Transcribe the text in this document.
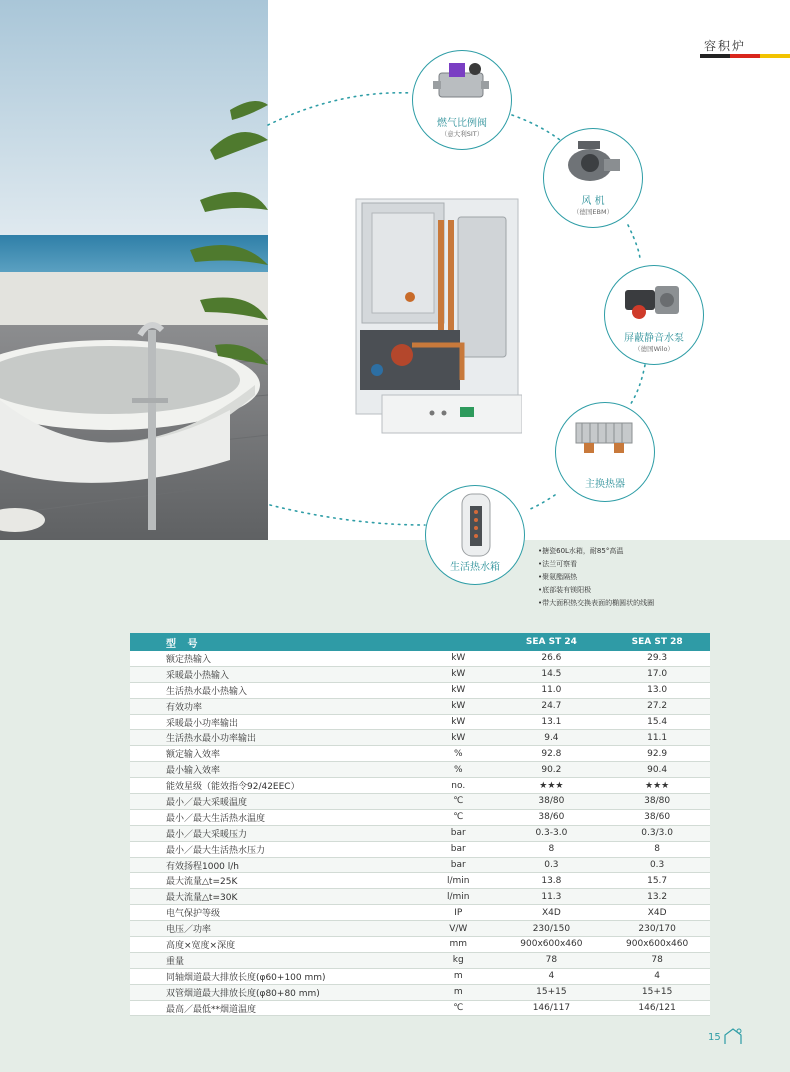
容积炉
燃气比例阀
（意大利SIT）
风 机
（德国EBM）
屏蔽静音水泵
（德国Wilo）
主换热器
生活热水箱
•搪瓷60L水箱，耐85°高温
•法兰可察看
•聚氨酯隔热
•底部装有镁阳极
•带大面积热交换表面的椭圆状的线圈
型 号		SEA ST 24	SEA ST 28
额定热输入	kW	26.6	29.3
采暖最小热输入	kW	14.5	17.0
生活热水最小热输入	kW	11.0	13.0
有效功率	kW	24.7	27.2
采暖最小功率输出	kW	13.1	15.4
生活热水最小功率输出	kW	9.4	11.1
额定输入效率	%	92.8	92.9
最小输入效率	%	90.2	90.4
能效星级（能效指令92/42EEC）	no.	★★★	★★★
最小／最大采暖温度	℃	38/80	38/80
最小／最大生活热水温度	℃	38/60	38/60
最小／最大采暖压力	bar	0.3-3.0	0.3/3.0
最小／最大生活热水压力	bar	8	8
有效扬程1000 l/h	bar	0.3	0.3
最大流量△t=25K	l/min	13.8	15.7
最大流量△t=30K	l/min	11.3	13.2
电气保护等级	IP	X4D	X4D
电压／功率	V/W	230/150	230/170
高度×宽度×深度	mm	900x600x460	900x600x460
重量	kg	78	78
同轴烟道最大排放长度(φ60+100 mm)	m	4	4
双管烟道最大排放长度(φ80+80 mm)	m	15+15	15+15
最高／最低**烟道温度	℃	146/117	146/121
15
